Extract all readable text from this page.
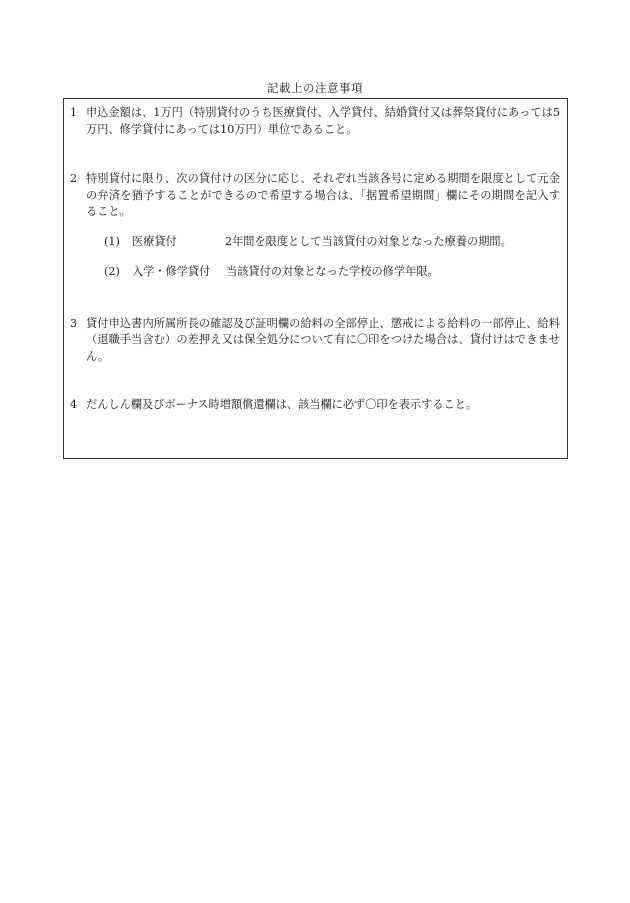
記載上の注意事項
1 申込金額は、1万円（特別貸付のうち医療貸付、入学貸付、結婚貸付又は葬祭貸付にあっては5万円、修学貸付にあっては10万円）単位であること。
2 特別貸付に限り、次の貸付けの区分に応じ、それぞれ当該各号に定める期間を限度として元金の弁済を猶予することができるので希望する場合は、「据置希望期間」欄にその期間を記入すること。
(1)	医療貸付	2年間を限度として当該貸付の対象となった療養の期間。
(2)	入学・修学貸付	当該貸付の対象となった学校の修学年限。
3 貸付申込書内所属所長の確認及び証明欄の給料の全部停止、懲戒による給料の一部停止、給料（退職手当含む）の差押え又は保全処分について有に〇印をつけた場合は、貸付けはできません。
4 だんしん欄及びボーナス時増額償還欄は、該当欄に必ず〇印を表示すること。
